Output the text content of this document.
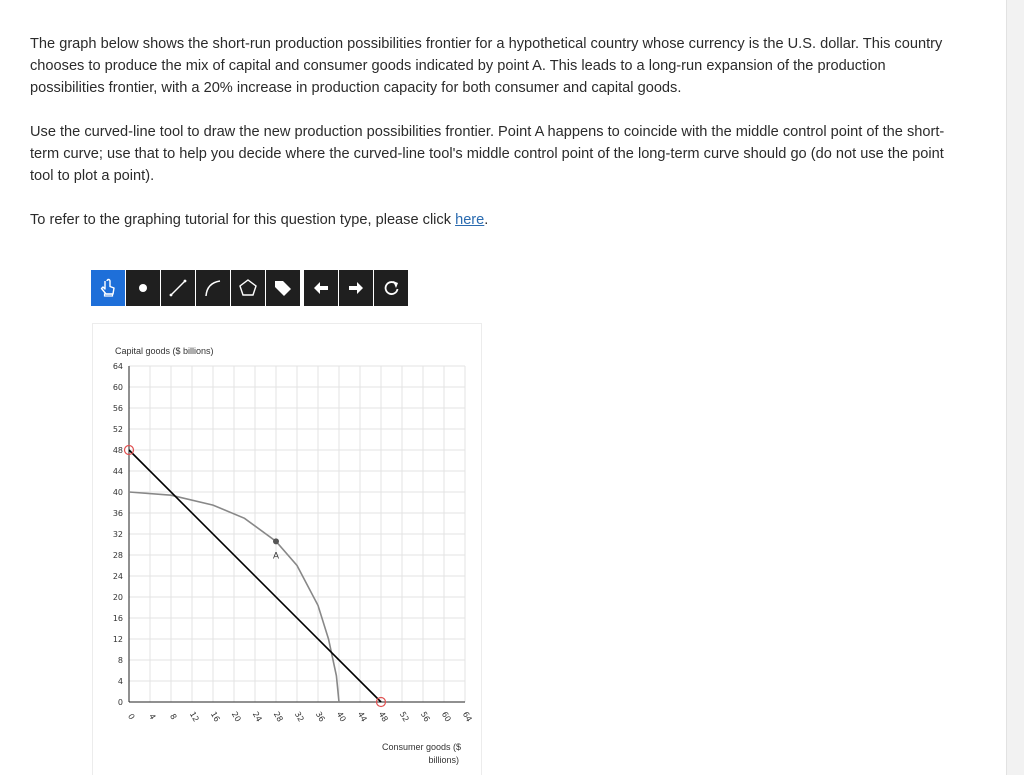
The graph below shows the short-run production possibilities frontier for a hypothetical country whose currency is the U.S. dollar. This country chooses to produce the mix of capital and consumer goods indicated by point A. This leads to a long-run expansion of the production possibilities frontier, with a 20% increase in production capacity for both consumer and capital goods.

Use the curved-line tool to draw the new production possibilities frontier. Point A happens to coincide with the middle control point of the short-term curve; use that to help you decide where the curved-line tool's middle control point of the long-term curve should go (do not use the point tool to plot a point).

To refer to the graphing tutorial for this question type, please click here.

0
4
8
12
16
20
24
28
32
36
40
44
48
52
56
60
64
0 4 8 12 16 20 24 28 32 36 40 44 48 52 56 60 64
Capital goods ($ billions)
Consumer goods ($
billions)
A
